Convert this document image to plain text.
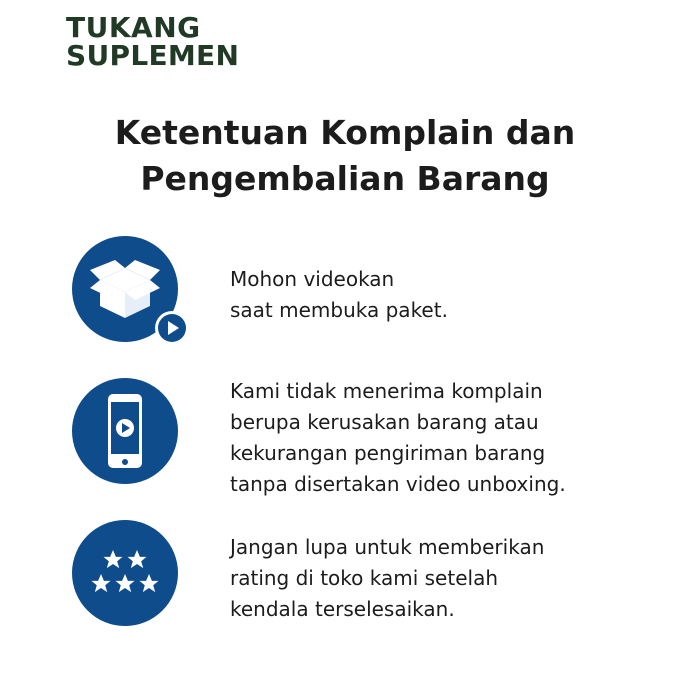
TUKANG
SUPLEMEN
Ketentuan Komplain dan
Pengembalian Barang
Mohon videokan
saat membuka paket.
Kami tidak menerima komplain
berupa kerusakan barang atau
kekurangan pengiriman barang
tanpa disertakan video unboxing.
Jangan lupa untuk memberikan
rating di toko kami setelah
kendala terselesaikan.
